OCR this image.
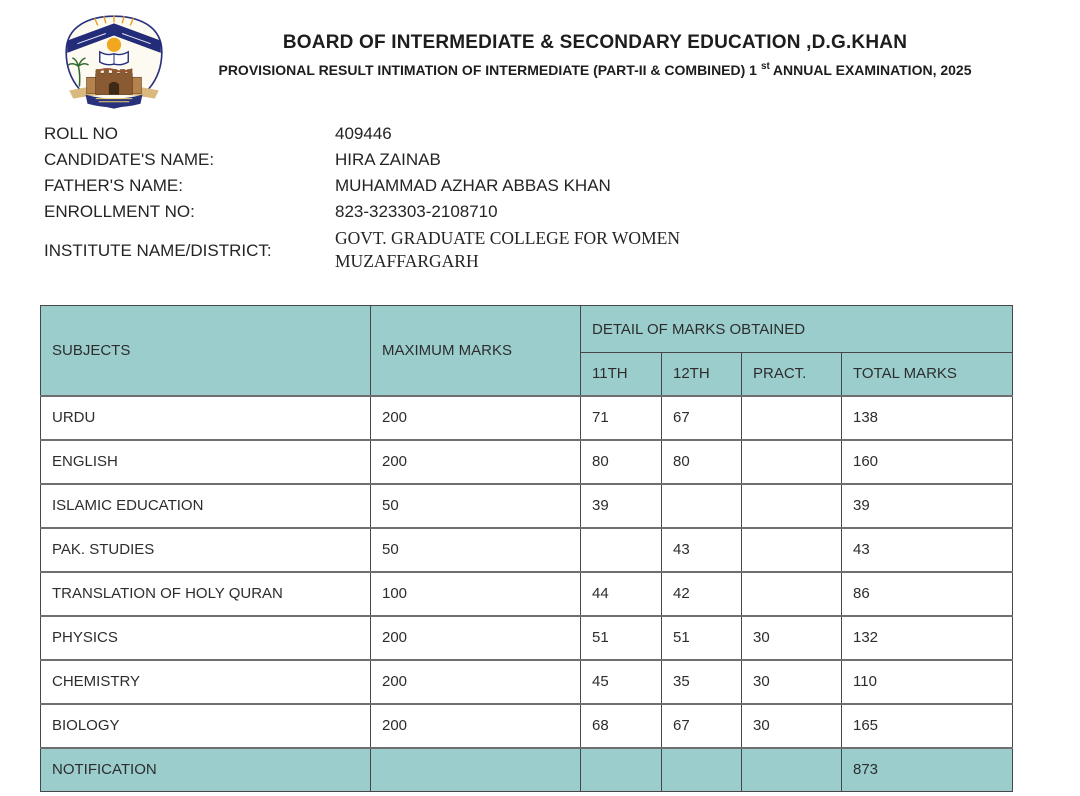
BOARD OF INTERMEDIATE & SECONDARY EDUCATION ,D.G.KHAN
PROVISIONAL RESULT INTIMATION OF INTERMEDIATE (PART-II & COMBINED) 1 $^{st}$ ANNUAL EXAMINATION, 2025
ROLL NO	409446
CANDIDATE'S NAME:	HIRA ZAINAB
FATHER'S NAME:	MUHAMMAD AZHAR ABBAS KHAN
ENROLLMENT NO:	823-323303-2108710
INSTITUTE NAME/DISTRICT:
GOVT. GRADUATE COLLEGE FOR WOMEN
MUZAFFARGARH
SUBJECTS	MAXIMUM MARKS	DETAIL OF MARKS OBTAINED			
		11TH	12TH	PRACT.	TOTAL MARKS
URDU	200	71	67		138
ENGLISH	200	80	80		160
ISLAMIC EDUCATION	50	39			39
PAK. STUDIES	50		43		43
TRANSLATION OF HOLY QURAN	100	44	42		86
PHYSICS	200	51	51	30	132
CHEMISTRY	200	45	35	30	110
BIOLOGY	200	68	67	30	165
NOTIFICATION					873
